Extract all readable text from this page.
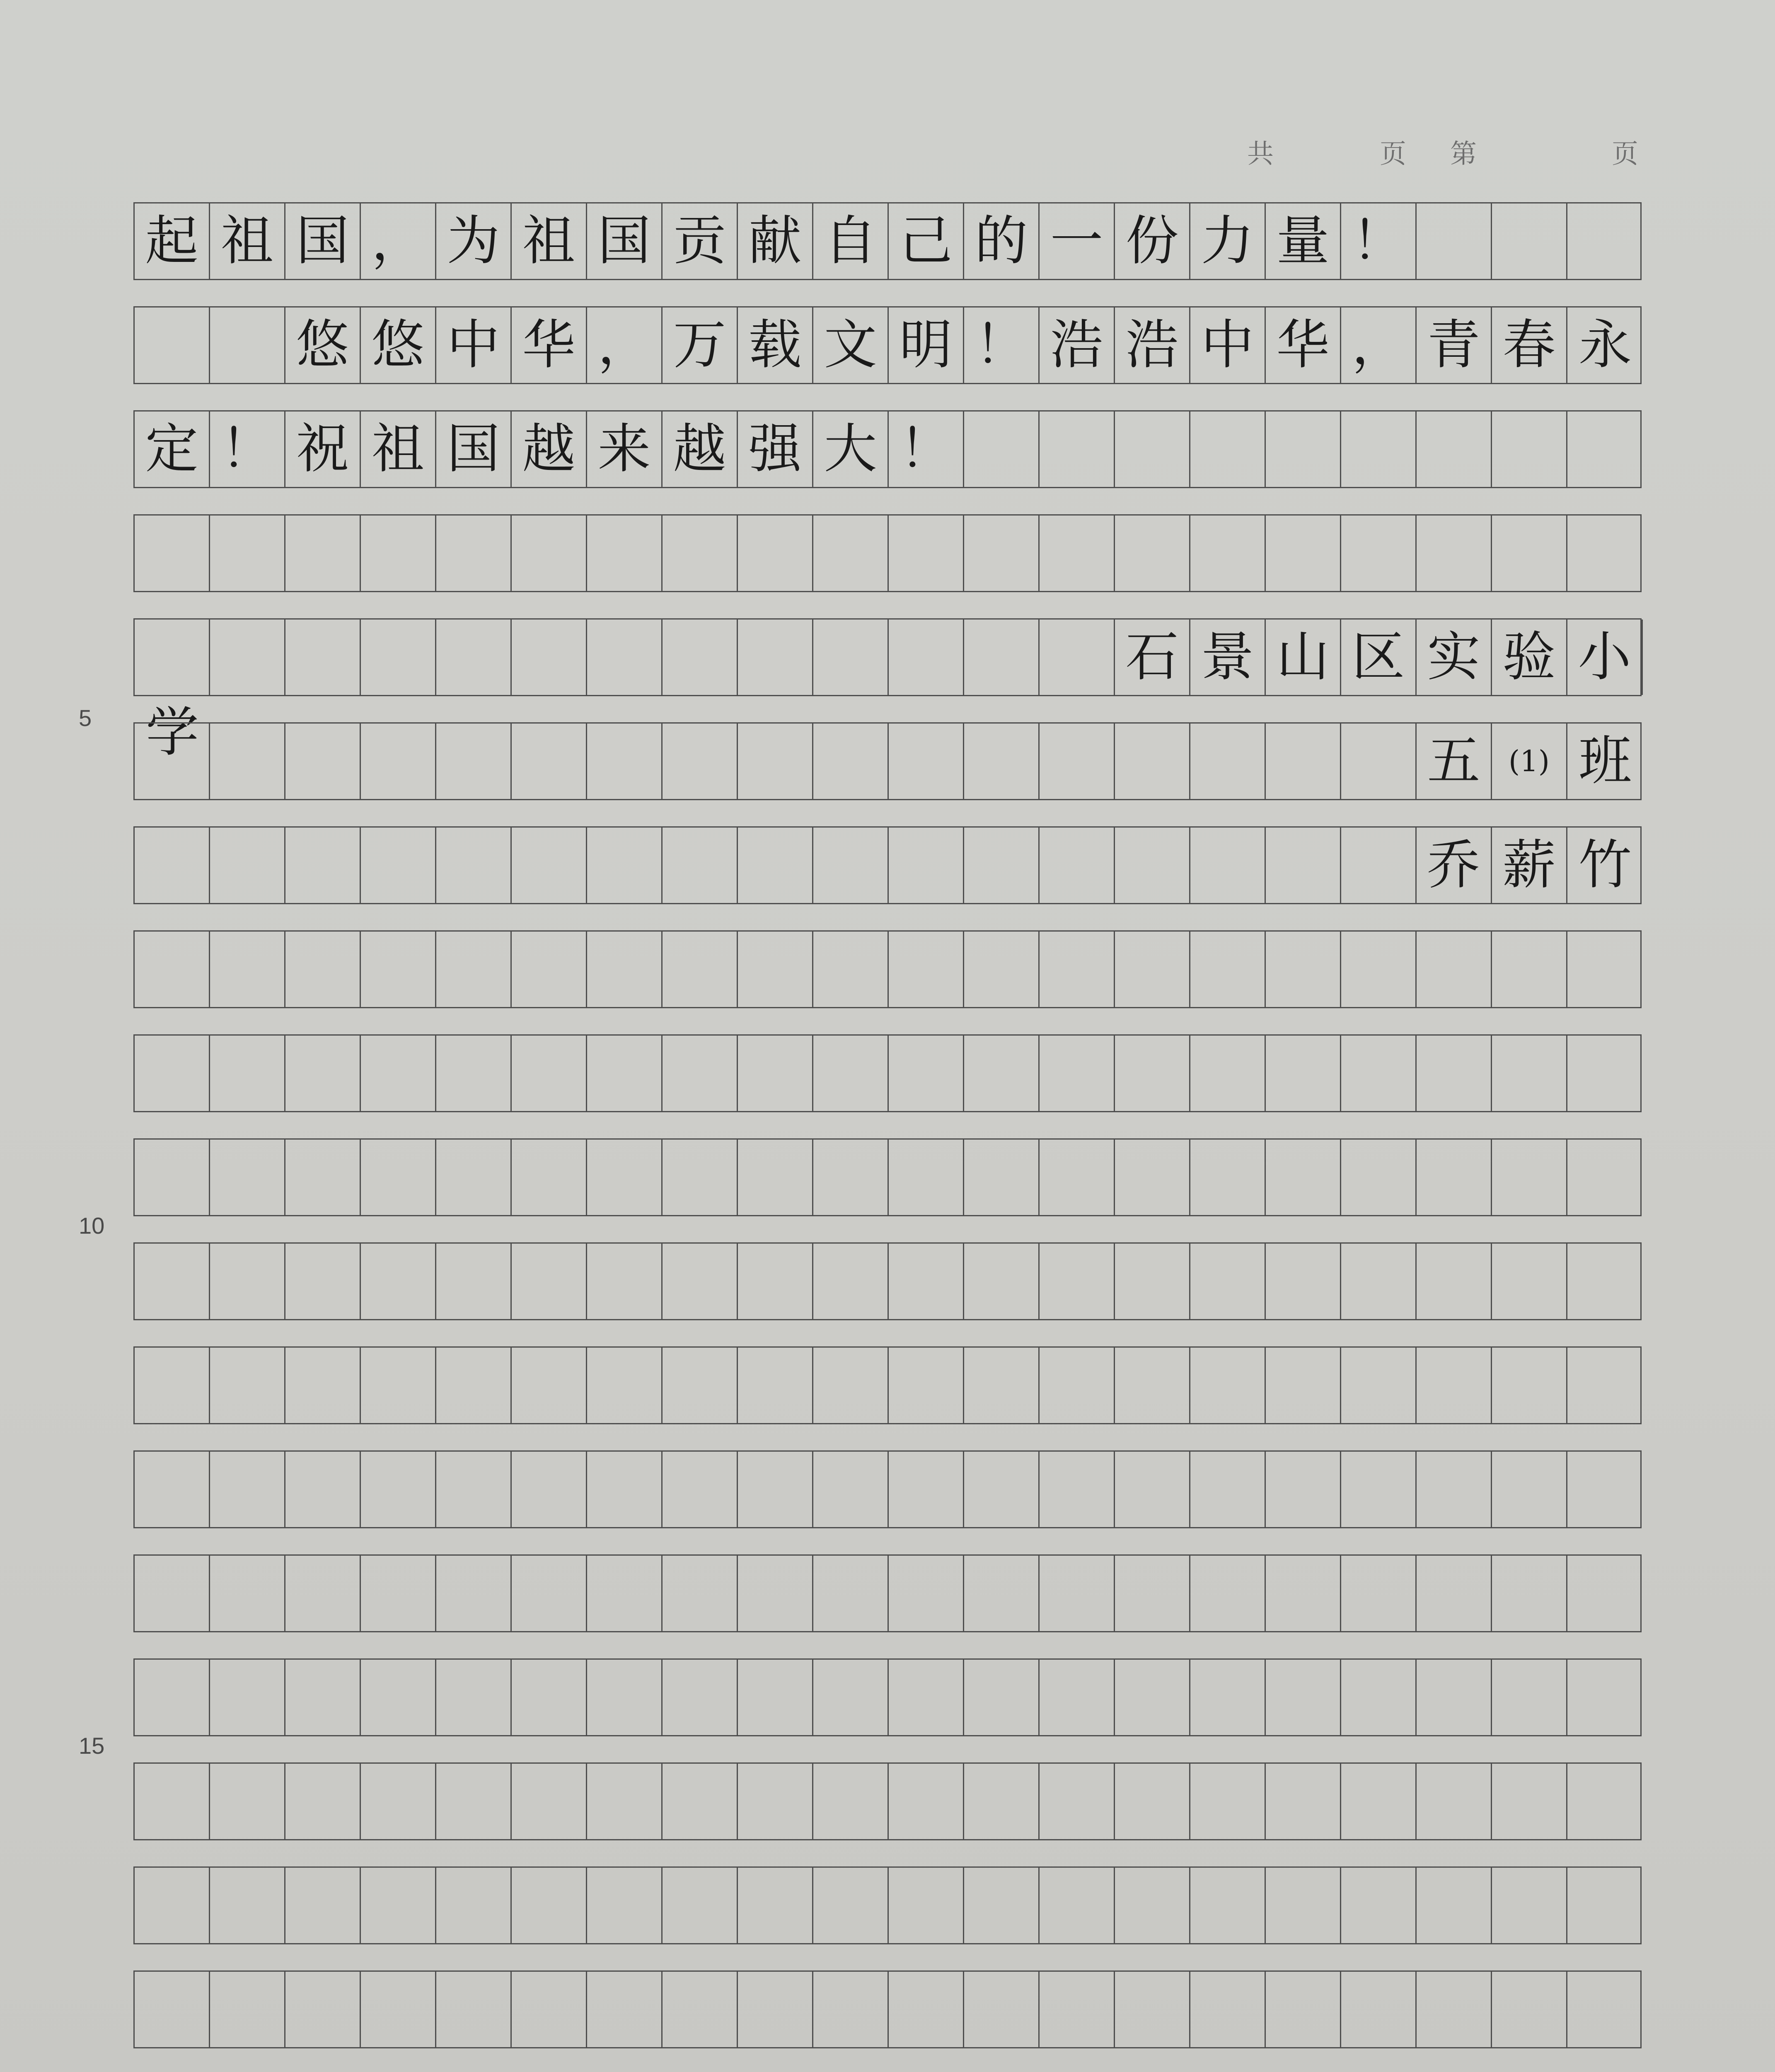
共	页 第	页
起 祖 国 ， 为 祖 国 贡 献 自 己 的 一 份 力 量 ！
悠 悠 中 华 ， 万 载 文 明 ！ 浩 浩 中 华 ， 青 春 永
定 ！ 祝 祖 国 越 来 越 强 大 ！
石 景 山 区 实 验 小
学	五 (1) 班
乔 薪 竹
5
10
15
